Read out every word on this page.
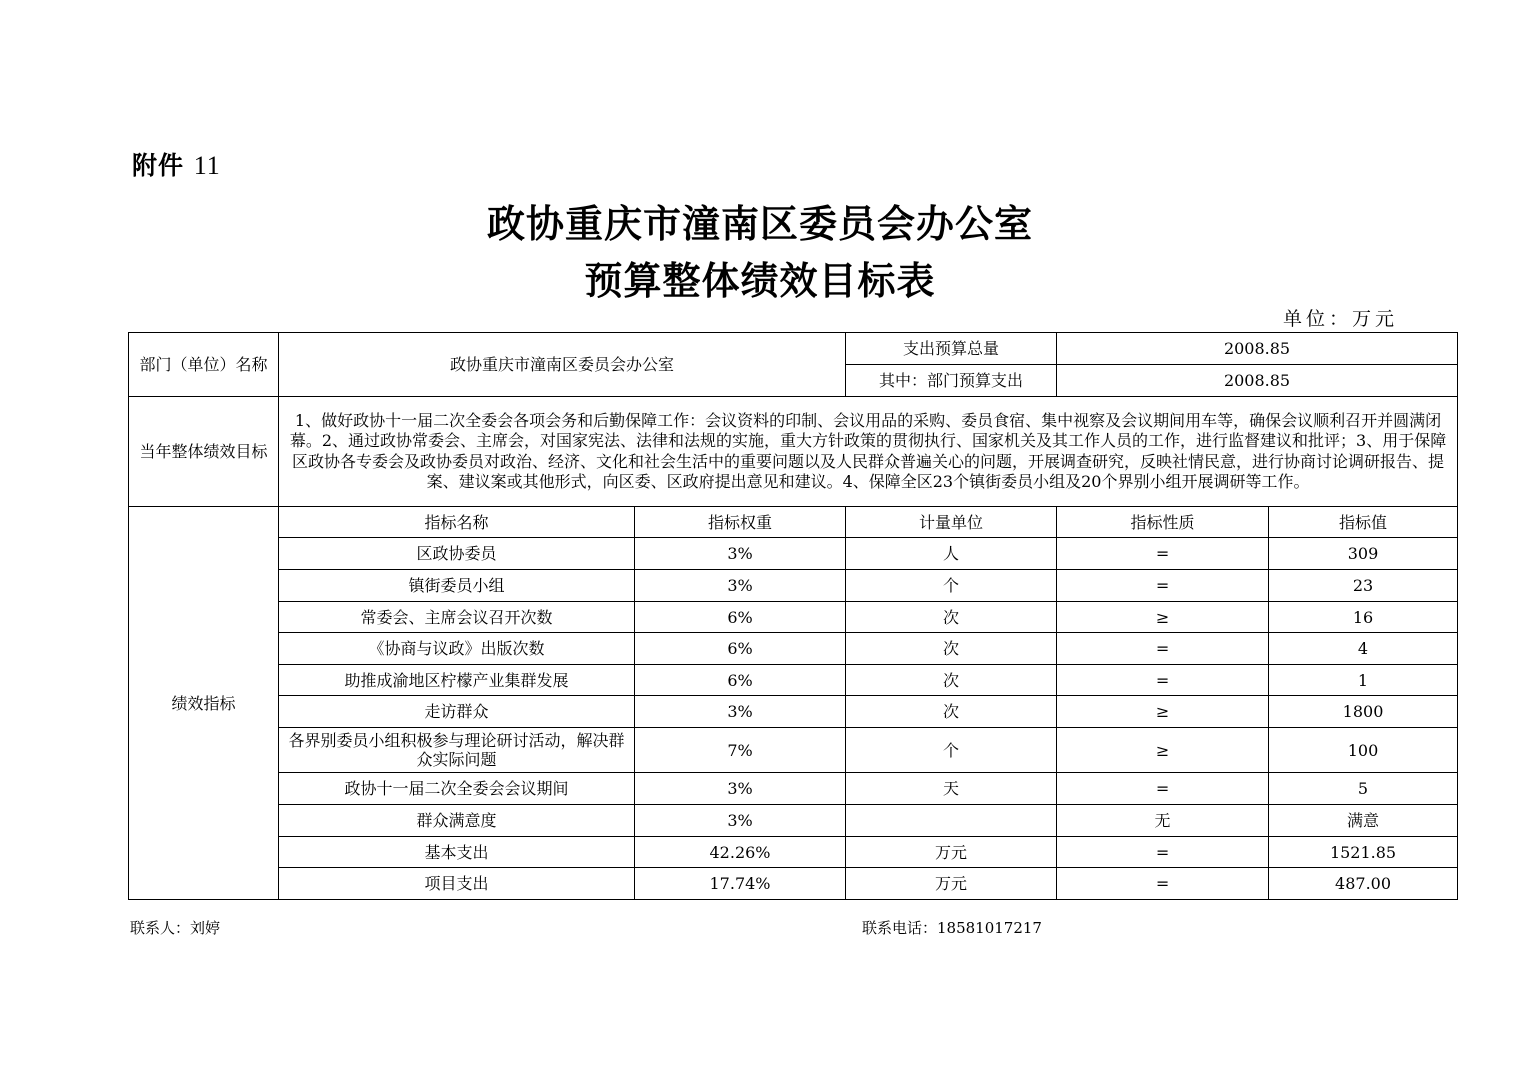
附件 11
政协重庆市潼南区委员会办公室
预算整体绩效目标表
单位：万元
部门（单位）名称	政协重庆市潼南区委员会办公室		支出预算总量	2008.85	
			其中：部门预算支出	2008.85	
当年整体绩效目标	1、做好政协十一届二次全委会各项会务和后勤保障工作：会议资料的印制、会议用品的采购、委员食宿、集中视察及会议期间用车等，确保会议顺利召开并圆满闭幕。2、通过政协常委会、主席会，对国家宪法、法律和法规的实施，重大方针政策的贯彻执行、国家机关及其工作人员的工作，进行监督建议和批评；3、用于保障区政协各专委会及政协委员对政治、经济、文化和社会生活中的重要问题以及人民群众普遍关心的问题，开展调查研究，反映社情民意，进行协商讨论调研报告、提案、建议案或其他形式，向区委、区政府提出意见和建议。4、保障全区23个镇街委员小组及20个界别小组开展调研等工作。				
绩效指标	指标名称	指标权重	计量单位	指标性质	指标值
	区政协委员	3%	人	=	309
	镇街委员小组	3%	个	=	23
	常委会、主席会议召开次数	6%	次	≥	16
	《协商与议政》出版次数	6%	次	=	4
	助推成渝地区柠檬产业集群发展	6%	次	=	1
	走访群众	3%	次	≥	1800
	各界别委员小组积极参与理论研讨活动，解决群众实际问题	7%	个	≥	100
	政协十一届二次全委会会议期间	3%	天	=	5
	群众满意度	3%		无	满意
	基本支出	42.26%	万元	=	1521.85
	项目支出	17.74%	万元	=	487.00
联系人：刘婷	联系电话：18581017217
